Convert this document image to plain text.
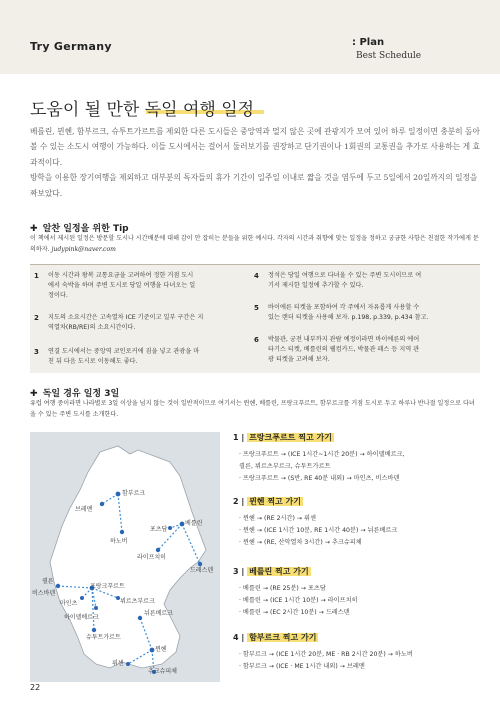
Try Germany	: Plan
Best Schedule
도움이 될 만한 독일 여행 일정

베를린, 뮌헨, 함부르크, 슈투트가르트를 제외한 다른 도시들은 중앙역과 멀지 않은 곳에 관광지가 모여 있어 하루 일정이면 충분히 돌아볼 수 있는 소도시 여행이 가능하다. 이들 도시에서는 걸어서 둘러보기를 권장하고 단기권이나 1회권의 교통권을 추가로 사용하는 게 효과적이다.

방학을 이용한 장기여행을 제외하고 대부분의 독자들의 휴가 기간이 일주일 이내로 짧을 것을 염두에 두고 5일에서 20일까지의 일정을 짜보았다.

✚ 알찬 일정을 위한 Tip
이 책에서 제시된 일정은 방문할 도시나 시간배분에 대해 감이 안 잡히는 분들을 위한 예시다. 각자의 시간과 취향에 맞는 일정을 정하고 궁금한 사항은 친절한 작가에게 문의하자. judypink@naver.com
1 이동 시간과 왕복 교통요금을 고려하여 정한 거점 도시
에서 숙박을 하며 주변 도시로 당일 여행을 다녀오는 일
정이다.
2 지도의 소요시간은 고속열차 ICE 기준이고 일부 구간은 지
역열차(RB/RE)의 소요시간이다.
3 연결 도시에서는 중앙역 코인로커에 짐을 넣고 관광을 마
친 뒤 다음 도시로 이동해도 좋다.
4 정석은 당일 여행으로 다녀올 수 있는 주변 도시이므로 여
기서 제시한 일정에 추가할 수 있다.
5 바이에른 티켓을 포함하여 각 주에서 자유롭게 사용할 수
있는 랜더 티켓을 사용해 보자. p.198, p.339, p.434 참고.
6 박물관, 궁전 내부까지 관람 예정이라면 바이에른의 에어
타기스 티켓, 베를린의 웰컴카드, 박물관 패스 등 지역 관
광 티켓을 고려해 보자.
✚ 독일 경유 일정 3일
유럽 여행 중이라면 나라별로 3일 이상을 넘지 않는 것이 일반적이므로 여기서는 뮌헨, 베를린, 프랑크푸르트, 함부르크를 거점 도시로 두고 하루나 반나절 일정으로 다녀올 수 있는 주변 도시를 소개한다.
함부르크
브레멘
하노버
포츠담
베를린
라이프치히
드레스덴
쾰른
비스바덴
프랑크푸르트
마인츠
하이델베르크
뷔르츠부르크
뉘른베르크
슈투트가르트
뮌헨
퓌센
추크슈피체
1 | 프랑크푸르트 찍고 가기
· 프랑크푸르트 → (ICE 1시간~1시간 20분) → 하이델베르크,
쾰른, 뷔르츠부르크, 슈투트가르트
· 프랑크푸르트 → (S반, RE 40분 내외) → 마인츠, 비스바덴
2 | 뮌헨 찍고 가기
· 뮌헨 → (RE 2시간) → 퓌센
· 뮌헨 → (ICE 1시간 10분, RE 1시간 40분) → 뉘른베르크
· 뮌헨 → (RE, 산악열차 3시간) → 추크슈피체
3 | 베를린 찍고 가기
· 베를린 → (RE 25분) → 포츠담
· 베를린 → (ICE 1시간 10분) → 라이프치히
· 베를린 → (EC 2시간 10분) → 드레스덴
4 | 함부르크 찍고 가기
· 함부르크 → (ICE 1시간 20분, ME · RB 2시간 20분) → 하노버
· 함부르크 → (ICE · ME 1시간 내외) → 브레멘
22
